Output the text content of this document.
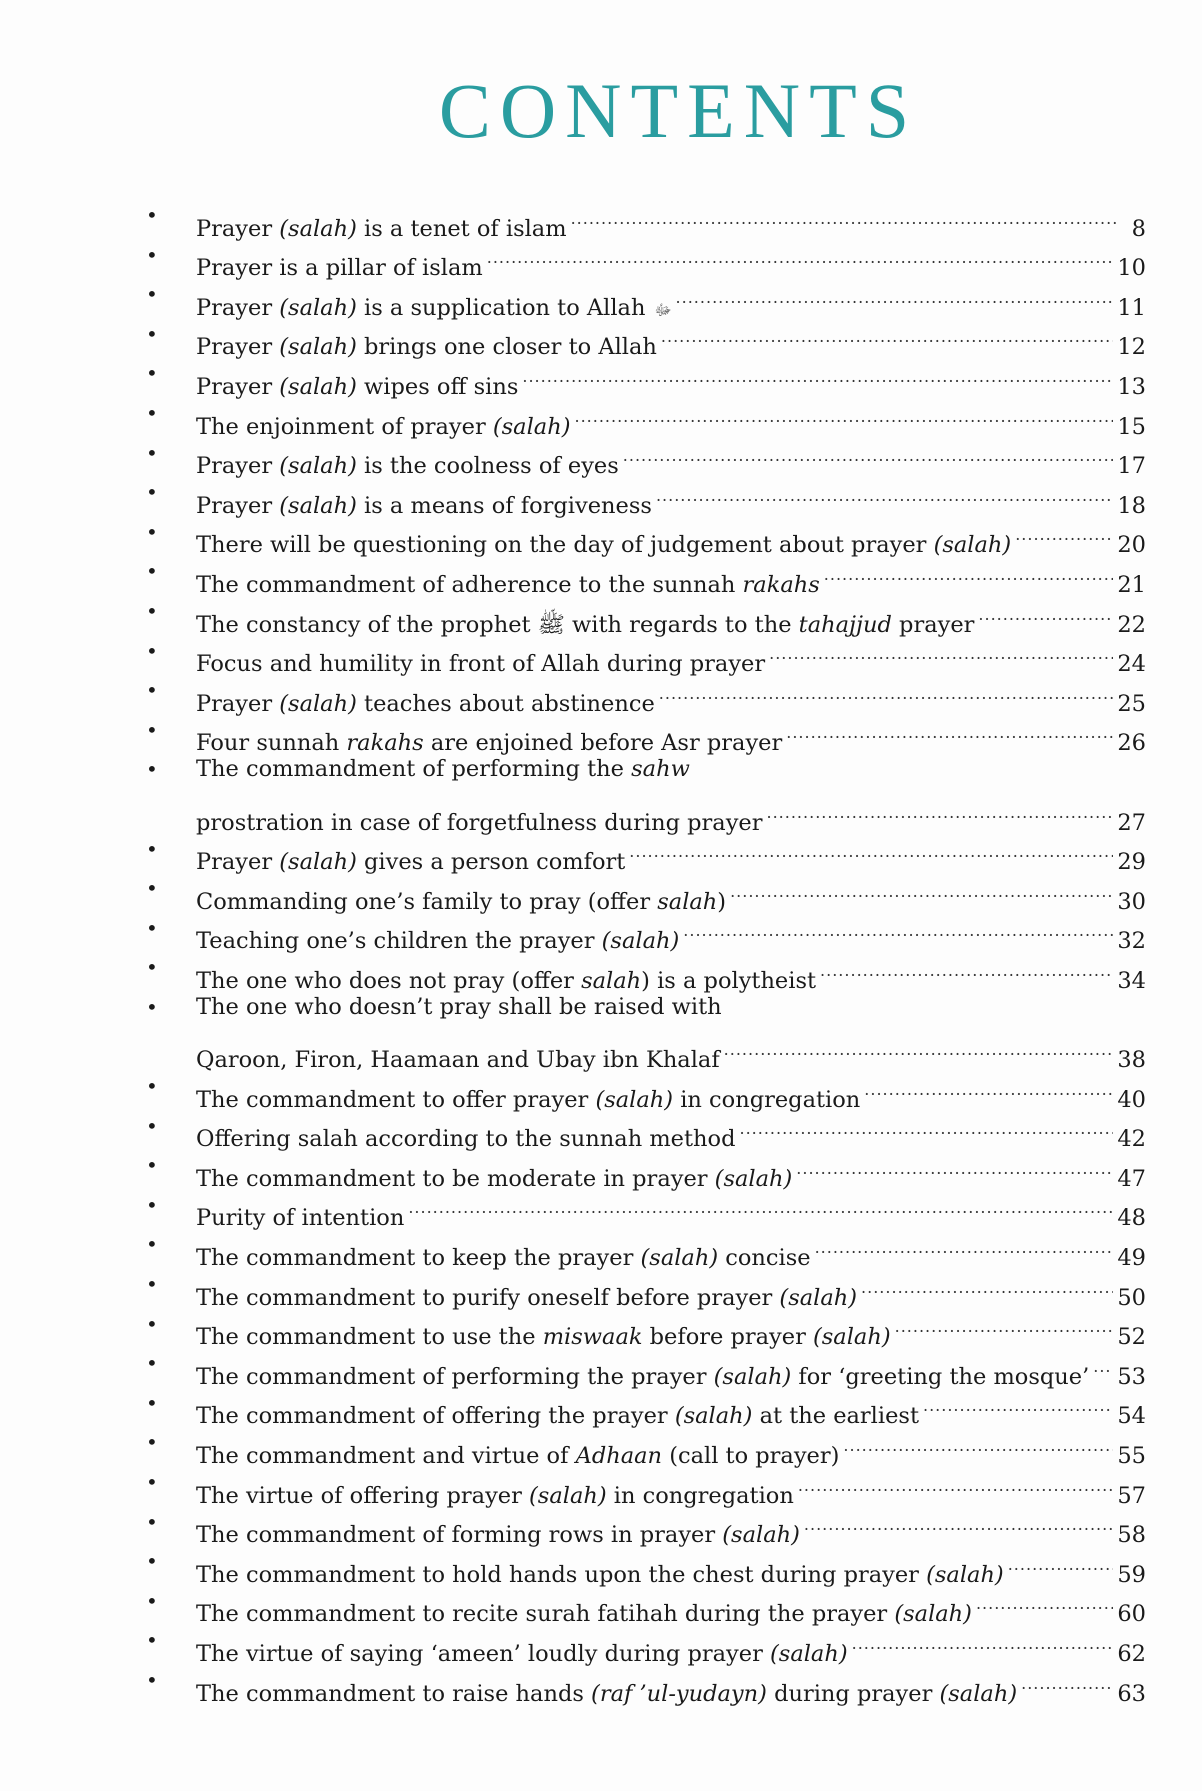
CONTENTS
•
Prayer (salah) is a tenet of islam .....	8
•
Prayer is a pillar of islam .....	10
•
Prayer (salah) is a supplication to Allah ﷻ .....	11
•
Prayer (salah) brings one closer to Allah .....	12
•
Prayer (salah) wipes off sins .....	13
•
The enjoinment of prayer (salah) .....	15
•
Prayer (salah) is the coolness of eyes .....	17
•
Prayer (salah) is a means of forgiveness .....	18
•
There will be questioning on the day of judgement about prayer (salah) .....	20
•
The commandment of adherence to the sunnah rakahs .....	21
•
The constancy of the prophet ﷺ with regards to the tahajjud prayer .....	22
•
Focus and humility in front of Allah during prayer .....	24
•
Prayer (salah) teaches about abstinence .....	25
•
Four sunnah rakahs are enjoined before Asr prayer .....	26
• The commandment of performing the sahw
prostration in case of forgetfulness during prayer .....	27
•
Prayer (salah) gives a person comfort .....	29
•
Commanding one’s family to pray (offer salah) .....	30
•
Teaching one’s children the prayer (salah) .....	32
•
The one who does not pray (offer salah) is a polytheist .....	34
• The one who doesn’t pray shall be raised with
Qaroon, Firon, Haamaan and Ubay ibn Khalaf .....	38
•
The commandment to offer prayer (salah) in congregation .....	40
•
Offering salah according to the sunnah method .....	42
•
The commandment to be moderate in prayer (salah) .....	47
•
Purity of intention .....	48
•
The commandment to keep the prayer (salah) concise .....	49
•
The commandment to purify oneself before prayer (salah) .....	50
•
The commandment to use the miswaak before prayer (salah) .....	52
•
The commandment of performing the prayer (salah) for ‘greeting the mosque’ ..... 53
•
The commandment of offering the prayer (salah) at the earliest .....	54
•
The commandment and virtue of Adhaan (call to prayer) .....	55
•
The virtue of offering prayer (salah) in congregation .....	57
•
The commandment of forming rows in prayer (salah) .....	58
•
The commandment to hold hands upon the chest during prayer (salah) .....	59
•
The commandment to recite surah fatihah during the prayer (salah) .....	60
•
The virtue of saying ‘ameen’ loudly during prayer (salah) .....	62
•
The commandment to raise hands (raf ’ul-yudayn) during prayer (salah) .....	63
